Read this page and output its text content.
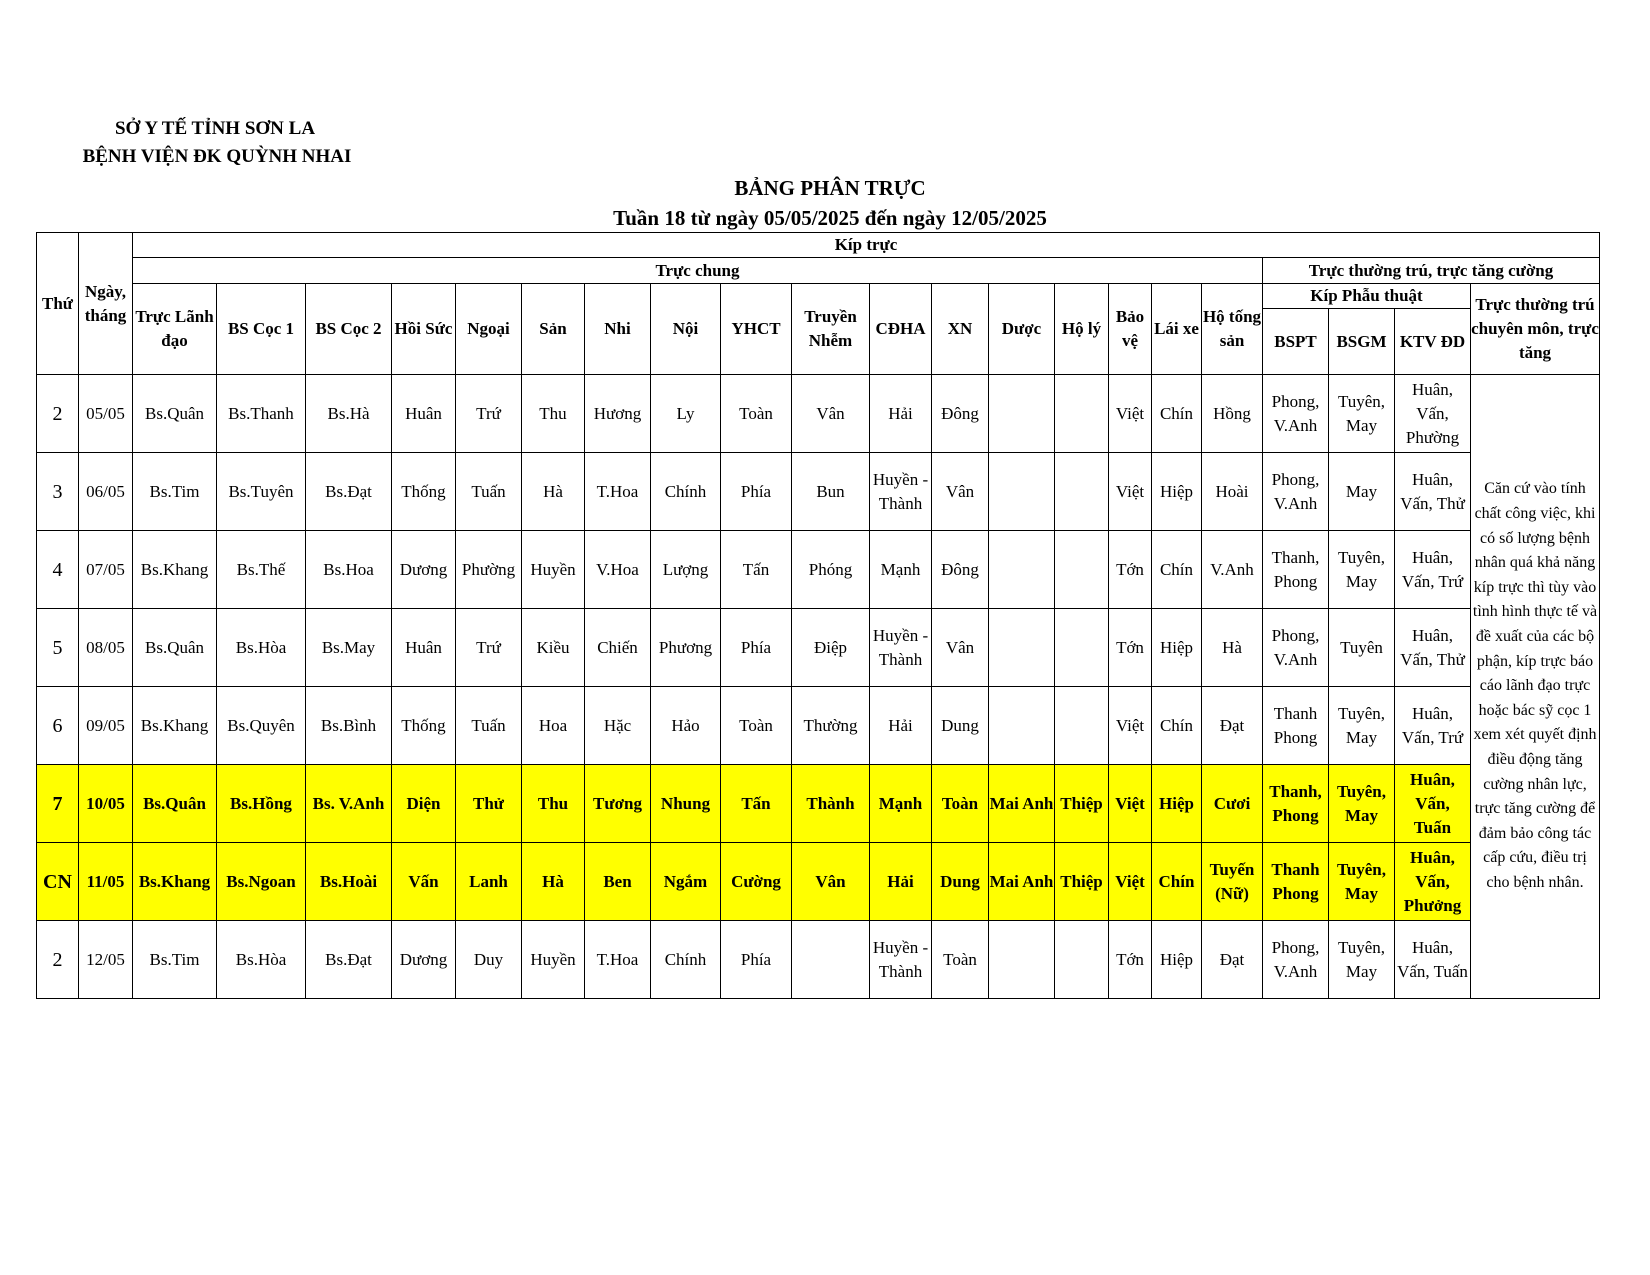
SỞ Y TẾ TỈNH SƠN LA
BỆNH VIỆN ĐK QUỲNH NHAI
BẢNG PHÂN TRỰC
Tuần 18 từ ngày 05/05/2025 đến ngày 12/05/2025
Thứ	Ngày, tháng	Kíp trực																				
		Trực chung																	Trực thường trú, trực tăng cường			
		Trực Lãnh đạo	BS Cọc 1	BS Cọc 2	Hồi Sức	Ngoại	Sản	Nhi	Nội	YHCT	Truyền Nhễm	CĐHA	XN	Dược	Hộ lý	Bảo vệ	Lái xe	Hộ tống sản	Kíp Phẫu thuật			Trực thường trú chuyên môn, trực tăng
																			BSPT	BSGM	KTV ĐD	
2	05/05	Bs.Quân	Bs.Thanh	Bs.Hà	Huân	Trứ	Thu	Hương	Ly	Toàn	Vân	Hải	Đông			Việt	Chín	Hồng	Phong, V.Anh	Tuyên, May	Huân, Vấn, Phường	Căn cứ vào tính chất công việc, khi có số lượng bệnh nhân quá khả năng kíp trực thì tùy vào tình hình thực tế và đề xuất của các bộ phận, kíp trực báo cáo lãnh đạo trực hoặc bác sỹ cọc 1 xem xét quyết định điều động tăng cường nhân lực, trực tăng cường để đảm bảo công tác cấp cứu, điều trị cho bệnh nhân.
3	06/05	Bs.Tim	Bs.Tuyên	Bs.Đạt	Thống	Tuấn	Hà	T.Hoa	Chính	Phía	Bun	Huyền - Thành	Vân			Việt	Hiệp	Hoài	Phong, V.Anh	May	Huân, Vấn, Thử	
4	07/05	Bs.Khang	Bs.Thế	Bs.Hoa	Dương	Phường	Huyền	V.Hoa	Lượng	Tấn	Phóng	Mạnh	Đông			Tớn	Chín	V.Anh	Thanh, Phong	Tuyên, May	Huân, Vấn, Trứ	
5	08/05	Bs.Quân	Bs.Hòa	Bs.May	Huân	Trứ	Kiều	Chiến	Phương	Phía	Điệp	Huyền -Thành	Vân			Tớn	Hiệp	Hà	Phong, V.Anh	Tuyên	Huân, Vấn, Thử	
6	09/05	Bs.Khang	Bs.Quyên	Bs.Bình	Thống	Tuấn	Hoa	Hặc	Hảo	Toàn	Thường	Hải	Dung			Việt	Chín	Đạt	Thanh Phong	Tuyên, May	Huân, Vấn, Trứ	
7	10/05	Bs.Quân	Bs.Hồng	Bs. V.Anh	Diện	Thử	Thu	Tương	Nhung	Tấn	Thành	Mạnh	Toàn	Mai Anh	Thiệp	Việt	Hiệp	Cươi	Thanh, Phong	Tuyên, May	Huân, Vấn, Tuấn	
CN	11/05	Bs.Khang	Bs.Ngoan	Bs.Hoài	Vấn	Lanh	Hà	Ben	Ngắm	Cường	Vân	Hải	Dung	Mai Anh	Thiệp	Việt	Chín	Tuyến (Nữ)	Thanh Phong	Tuyên, May	Huân, Vấn, Phưởng	
2	12/05	Bs.Tim	Bs.Hòa	Bs.Đạt	Dương	Duy	Huyền	T.Hoa	Chính	Phía		Huyền - Thành	Toàn			Tớn	Hiệp	Đạt	Phong, V.Anh	Tuyên, May	Huân, Vấn, Tuấn	
